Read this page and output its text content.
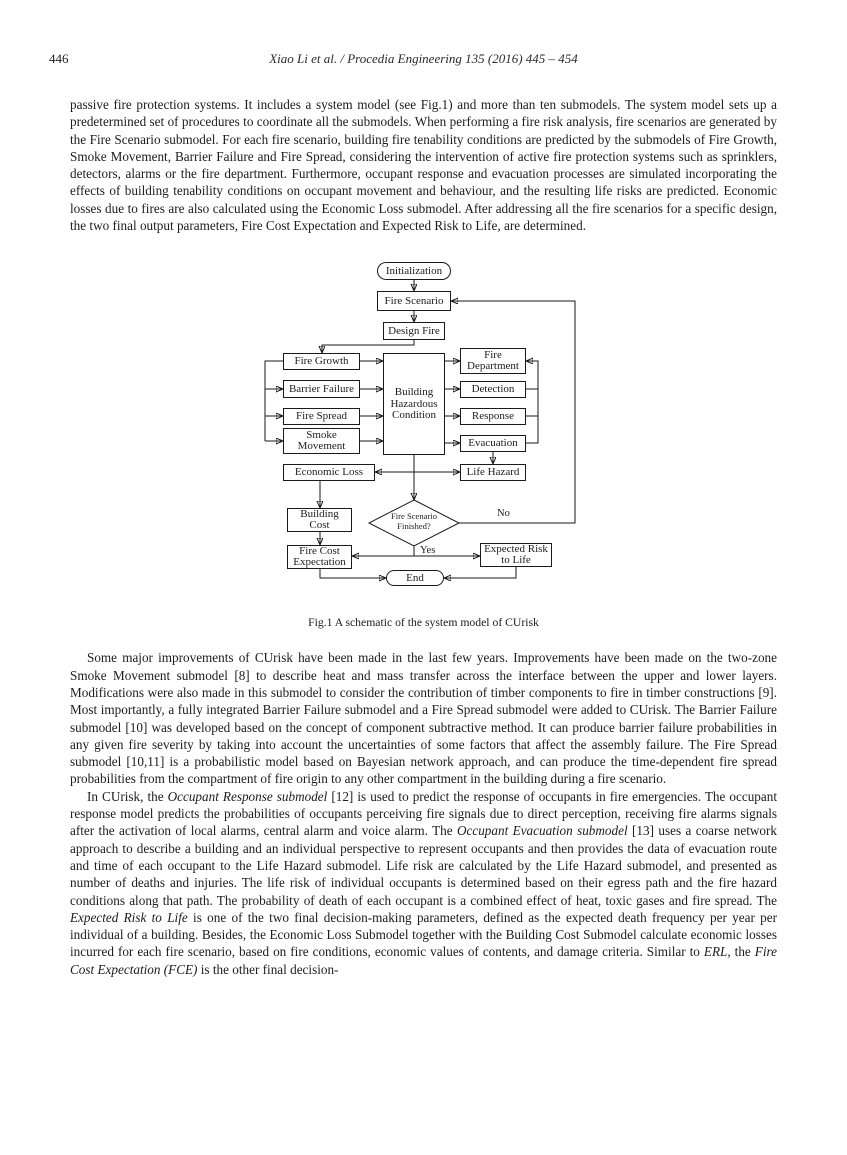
446	Xiao Li et al. / Procedia Engineering 135 (2016) 445 – 454

passive fire protection systems. It includes a system model (see Fig.1) and more than ten submodels. The system model sets up a predetermined set of procedures to coordinate all the submodels. When performing a fire risk analysis, fire scenarios are generated by the Fire Scenario submodel. For each fire scenario, building fire tenability conditions are predicted by the submodels of Fire Growth, Smoke Movement, Barrier Failure and Fire Spread, considering the intervention of active fire protection systems such as sprinklers, detectors, alarms or the fire department. Furthermore, occupant response and evacuation processes are simulated incorporating the effects of building tenability conditions on occupant movement and behaviour, and the resulting life risks are predicted. Economic losses due to fires are also calculated using the Economic Loss submodel. After addressing all the fire scenarios for a specific design, the two final output parameters, Fire Cost Expectation and Expected Risk to Life, are determined.

Initialization
Fire Scenario
Design Fire
Fire Growth
Barrier Failure
Fire Spread
Smoke Movement
Building Hazardous Condition
Fire Department
Detection
Response
Evacuation
Economic Loss	Life Hazard
Building Cost
Fire Scenario Finished?
No
Yes
Fire Cost Expectation
Expected Risk to Life
End
Fig.1 A schematic of the system model of CUrisk

Some major improvements of CUrisk have been made in the last few years. Improvements have been made on the two-zone Smoke Movement submodel [8] to describe heat and mass transfer across the interface between the upper and lower layers. Modifications were also made in this submodel to consider the contribution of timber components to fire in timber constructions [9]. Most importantly, a fully integrated Barrier Failure submodel and a Fire Spread submodel were added to CUrisk. The Barrier Failure submodel [10] was developed based on the concept of component subtractive method. It can produce barrier failure probabilities in any given fire severity by taking into account the uncertainties of some factors that affect the assembly failure. The Fire Spread submodel [10,11] is a probabilistic model based on Bayesian network approach, and can produce the time-dependent fire spread probabilities from the compartment of fire origin to any other compartment in the building during a fire scenario.

In CUrisk, the Occupant Response submodel [12] is used to predict the response of occupants in fire emergencies. The occupant response model predicts the probabilities of occupants perceiving fire signals due to direct perception, receiving fire alarms signals after the activation of local alarms, central alarm and voice alarm. The Occupant Evacuation submodel [13] uses a coarse network approach to describe a building and an individual perspective to represent occupants and then provides the data of evacuation route and time of each occupant to the Life Hazard submodel. Life risk are calculated by the Life Hazard submodel, and presented as number of deaths and injuries. The life risk of individual occupants is determined based on their egress path and the fire hazard conditions along that path. The probability of death of each occupant is a combined effect of heat, toxic gases and fire spread. The Expected Risk to Life is one of the two final decision-making parameters, defined as the expected death frequency per year per individual of a building. Besides, the Economic Loss Submodel together with the Building Cost Submodel calculate economic losses incurred for each fire scenario, based on fire conditions, economic values of contents, and damage criteria. Similar to ERL, the Fire Cost Expectation (FCE) is the other final decision-
